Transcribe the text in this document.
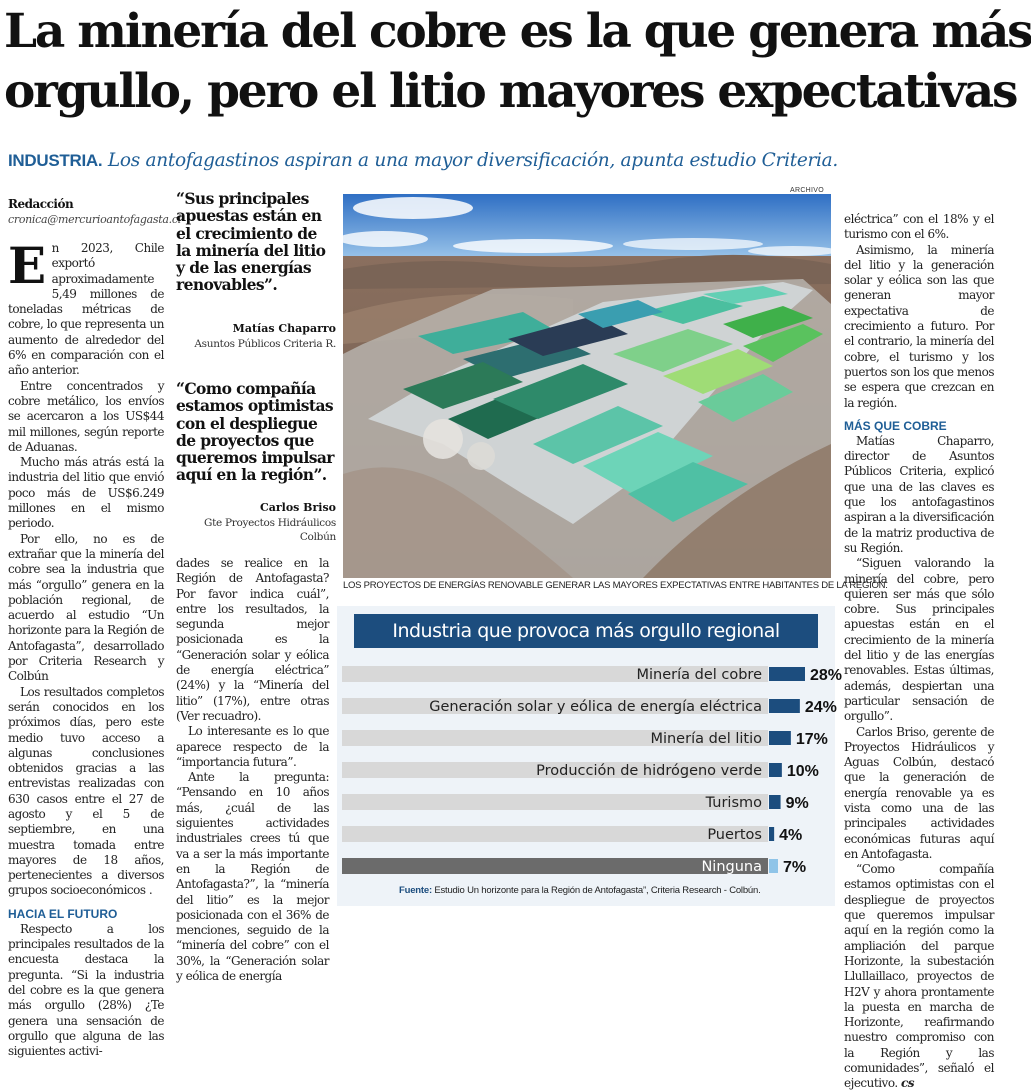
La minería del cobre es la que genera más
orgullo, pero el litio mayores expectativas
INDUSTRIA. Los antofagastinos aspiran a una mayor diversificación, apunta estudio Criteria.
Redacción
cronica@mercurioantofagasta.cl

En 2023, Chile exportó aproximadamente 5,49 millones de toneladas métricas de cobre, lo que representa un aumento de alrededor del 6% en comparación con el año anterior.

Entre concentrados y cobre metálico, los envíos se acercaron a los US$44 mil millones, según reporte de Aduanas.

Mucho más atrás está la industria del litio que envió poco más de US$6.249 millones en el mismo periodo.

Por ello, no es de extrañar que la minería del cobre sea la industria que más “orgullo” genera en la población regional, de acuerdo al estudio “Un horizonte para la Región de Antofagasta”, desarrollado por Criteria Research y Colbún

Los resultados completos serán conocidos en los próximos días, pero este medio tuvo acceso a algunas conclusiones obtenidos gracias a las entrevistas realizadas con 630 casos entre el 27 de agosto y el 5 de septiembre, en una muestra tomada entre mayores de 18 años, pertenecientes a diversos grupos socioeconómicos .

HACIA EL FUTURO

Respecto a los principales resultados de la encuesta destaca la pregunta. “Si la industria del cobre es la que genera más orgullo (28%) ¿Te genera una sensación de orgullo que alguna de las siguientes activi-

“Sus principales apuestas están en el crecimiento de la minería del litio y de las energías renovables”.
Matías Chaparro
Asuntos Públicos Criteria R.
“Como compañía estamos optimistas con el despliegue de proyectos que queremos impulsar aquí en la región”.
Carlos Briso
Gte Proyectos Hidráulicos Colbún

dades se realice en la Región de Antofagasta? Por favor indica cuál”, entre los resultados, la segunda mejor posicionada es la “Generación solar y eólica de energía eléctrica” (24%) y la “Minería del litio” (17%), entre otras (Ver recuadro).

Lo interesante es lo que aparece respecto de la “importancia futura”.

Ante la pregunta: “Pensando en 10 años más, ¿cuál de las siguientes actividades industriales crees tú que va a ser la más importante en la Región de Antofagasta?”, la “minería del litio” es la mejor posicionada con el 36% de menciones, seguido de la “minería del cobre” con el 30%, la “Generación solar y eólica de energía

ARCHIVO
LOS PROYECTOS DE ENERGÍAS RENOVABLE GENERAR LAS MAYORES EXPECTATIVAS ENTRE HABITANTES DE LA REGIÓN.
Industria que provoca más orgullo regional
Minería del cobre	28%
Generación solar y eólica de energía eléctrica	24%
Minería del litio 17%
Producción de hidrógeno verde 10%
Turismo 9%
Puertos 4%
Ninguna 7%
Fuente: Estudio Un horizonte para la Región de Antofagasta”, Criteria Research - Colbún.

eléctrica” con el 18% y el turismo con el 6%.

Asimismo, la minería del litio y la generación solar y eólica son las que generan mayor expectativa de crecimiento a futuro. Por el contrario, la minería del cobre, el turismo y los puertos son los que menos se espera que crezcan en la región.

MÁS QUE COBRE

Matías Chaparro, director de Asuntos Públicos Criteria, explicó que una de las claves es que los antofagastinos aspiran a la diversificación de la matriz productiva de su Región.

“Siguen valorando la minería del cobre, pero quieren ser más que sólo cobre. Sus principales apuestas están en el crecimiento de la minería del litio y de las energías renovables. Estas últimas, además, despiertan una particular sensación de orgullo”.

Carlos Briso, gerente de Proyectos Hidráulicos y Aguas Colbún, destacó que la generación de energía renovable ya es vista como una de las principales actividades económicas futuras aquí en Antofagasta.

“Como compañía estamos optimistas con el despliegue de proyectos que queremos impulsar aquí en la región como la ampliación del parque Horizonte, la subestación Llullaillaco, proyectos de H2V y ahora prontamente la puesta en marcha de Horizonte, reafirmando nuestro compromiso con la Región y las comunidades”, señaló el ejecutivo. cs
